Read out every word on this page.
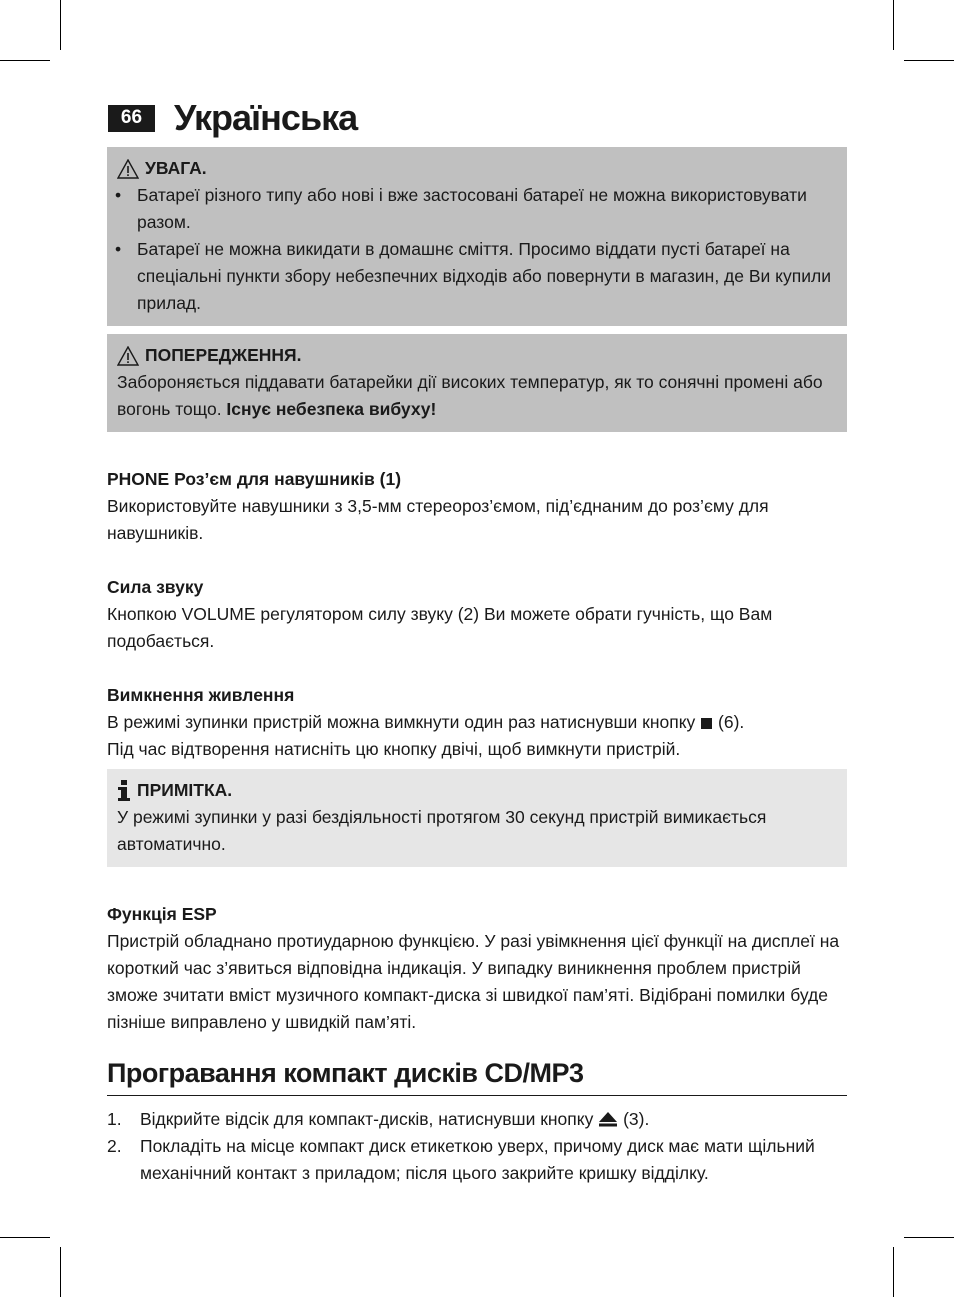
66 Українська
УВАГА.
• Батареї різного типу або нові і вже застосовані батареї не можна використовувати разом.
• Батареї не можна викидати в домашнє сміття. Просимо віддати пусті батареї на спеціальні пункти збору небезпечних відходів або повернути в магазин, де Ви купили прилад.
ПОПЕРЕДЖЕННЯ.
Забороняється піддавати батарейки дії високих температур, як то сонячні промені або вогонь тощо. Існує небезпека вибуху!
PHONE Роз’єм для навушників (1)
Використовуйте навушники з 3,5-мм стереороз’ємом, під’єднаним до роз’єму для навушників.
Сила звуку
Кнопкою VOLUME регулятором силу звуку (2) Ви можете обрати гучність, що Вам подобається.
Вимкнення живлення
В режимі зупинки пристрій можна вимкнути один раз натиснувши кнопку  (6).
Під час відтворення натисніть цю кнопку двічі, щоб вимкнути пристрій.
ПРИМІТКА.
У режимі зупинки у разі бездіяльності протягом 30 секунд пристрій вимикається автоматично.
Функція ESP
Пристрій обладнано протиударною функцією. У разі увімкнення цієї функції на дисплеї на короткий час з’явиться відповідна індикація. У випадку виникнення проблем пристрій зможе зчитати вміст музичного компакт-диска зі швидкої пам’яті. Відібрані помилки буде пізніше виправлено у швидкій пам’яті.
Програвання компакт дисків CD/MP3
1. Відкрийте відсік для компакт-дисків, натиснувши кнопку  (3).
2. Покладіть на місце компакт диск етикеткою уверх, причому диск має мати щільний механічний контакт з приладом; після цього закрийте кришку відділку.
